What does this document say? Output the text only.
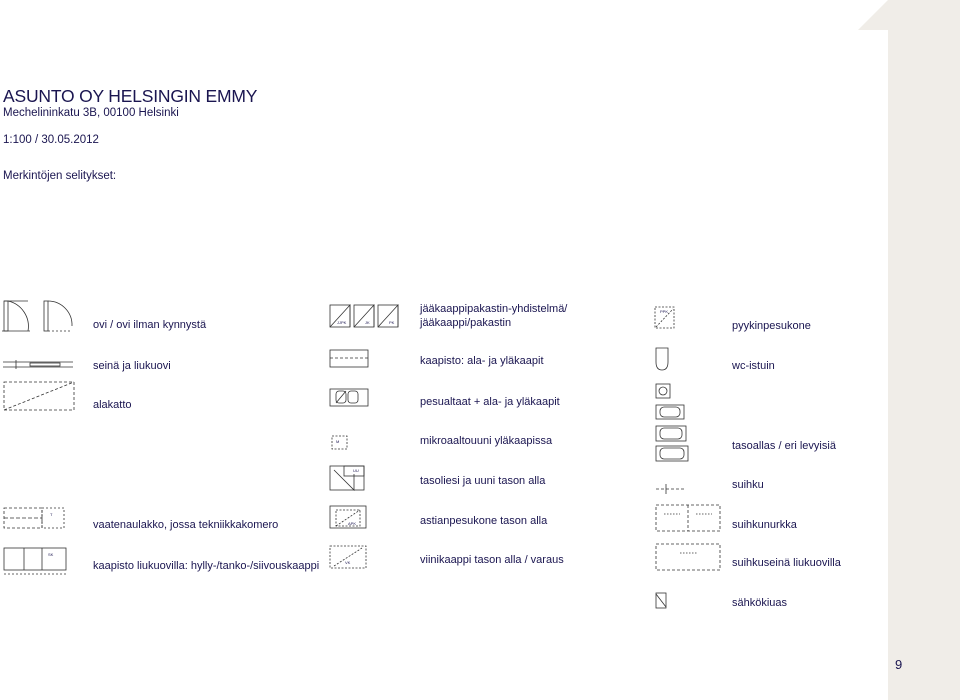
ASUNTO OY HELSINGIN EMMY
Mechelininkatu 3B, 00100 Helsinki
1:100 / 30.05.2012
Merkintöjen selitykset:
ovi / ovi ilman kynnystä
seinä ja liukuovi
alakatto
vaatenaulakko, jossa tekniikkakomero
kaapisto liukuovilla: hylly-/tanko-/siivouskaappi
jääkaappipakastin-yhdistelmä/
jääkaappi/pakastin
kaapisto: ala- ja yläkaapit
pesualtaat + ala- ja yläkaapit
mikroaaltouuni yläkaapissa
tasoliesi ja uuni tason alla
astianpesukone tason alla
viinikaappi tason alla / varaus
pyykinpesukone
wc-istuin
tasoallas / eri levyisiä
suihku
suihkunurkka
suihkuseinä liukuovilla
sähkökiuas
9
JJPK	JK	PK
PPK
M
UU
APK
VK
T
SK
